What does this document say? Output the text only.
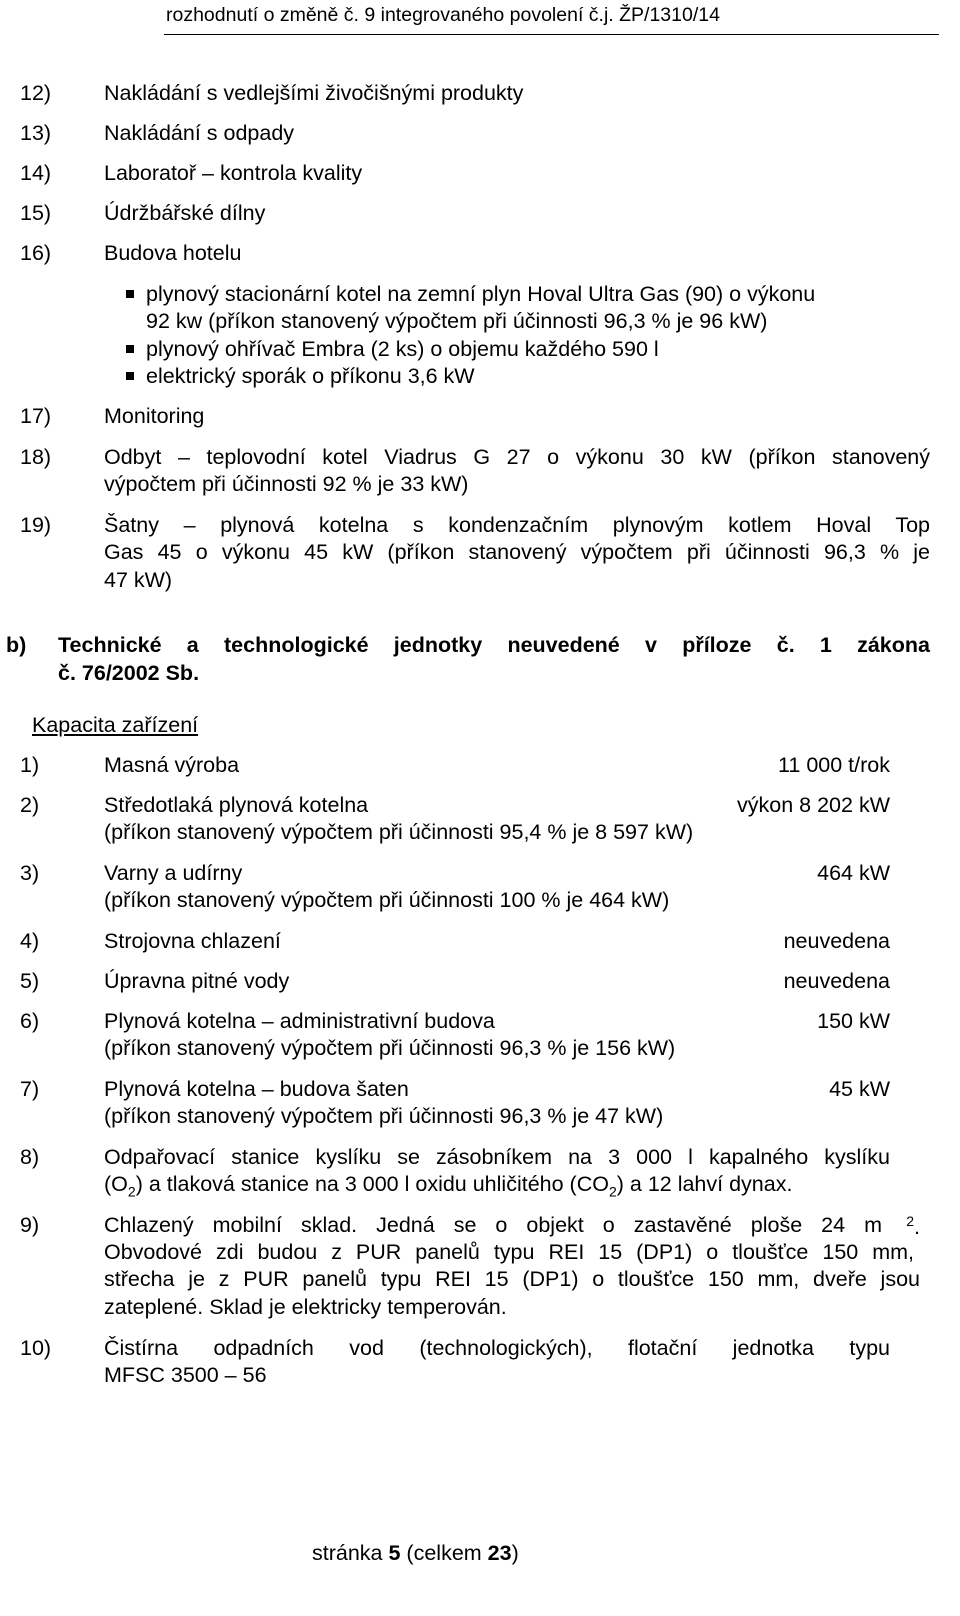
rozhodnutí o změně č. 9 integrovaného povolení č.j. ŽP/1310/14
12) Nakládání s vedlejšími živočišnými produkty
13) Nakládání s odpady
14) Laboratoř – kontrola kvality
15) Údržbářské dílny
16) Budova hotelu
plynový stacionární kotel na zemní plyn Hoval Ultra Gas (90) o výkonu
92 kw (příkon stanovený výpočtem při účinnosti 96,3 % je 96 kW)
plynový ohřívač Embra (2 ks) o objemu každého 590 l
elektrický sporák o příkonu 3,6 kW
17) Monitoring
18) Odbyt – teplovodní kotel Viadrus G 27 o výkonu 30 kW (příkon stanovený
výpočtem při účinnosti 92 % je 33 kW)
19) Šatny – plynová kotelna s kondenzačním plynovým kotlem Hoval Top
Gas 45 o výkonu 45 kW (příkon stanovený výpočtem při účinnosti 96,3 % je
47 kW)
b) Technické a technologické jednotky neuvedené v příloze č. 1 zákona
č. 76/2002 Sb.
Kapacita zařízení
1)	Masná výroba	11 000 t/rok
2)	Středotlaká plynová kotelna	výkon 8 202 kW
(příkon stanovený výpočtem při účinnosti 95,4 % je 8 597 kW)
3)	Varny a udírny	464 kW
(příkon stanovený výpočtem při účinnosti 100 % je 464 kW)
4)	Strojovna chlazení	neuvedena
5)	Úpravna pitné vody	neuvedena
6)	Plynová kotelna – administrativní budova	150 kW
(příkon stanovený výpočtem při účinnosti 96,3 % je 156 kW)
7)	Plynová kotelna – budova šaten	45 kW
(příkon stanovený výpočtem při účinnosti 96,3 % je 47 kW)
8)	Odpařovací stanice kyslíku se zásobníkem na 3 000 l kapalného kyslíku
$(O_2)$ a tlaková stanice na 3 000 l oxidu uhličitého $(CO_2)$ a 12 lahví dynax.
9)	Chlazený mobilní sklad. Jedná se o objekt o zastavěné ploše 24 m $^2$.
Obvodové zdi budou z PUR panelů typu REI 15 (DP1) o tloušťce 150 mm,
střecha je z PUR panelů typu REI 15 (DP1) o tloušťce 150 mm, dveře jsou
zateplené. Sklad je elektricky temperován.
10) Čistírna odpadních vod (technologických), flotační jednotka typu
MFSC 3500 – 56
stránka 5 (celkem 23)
